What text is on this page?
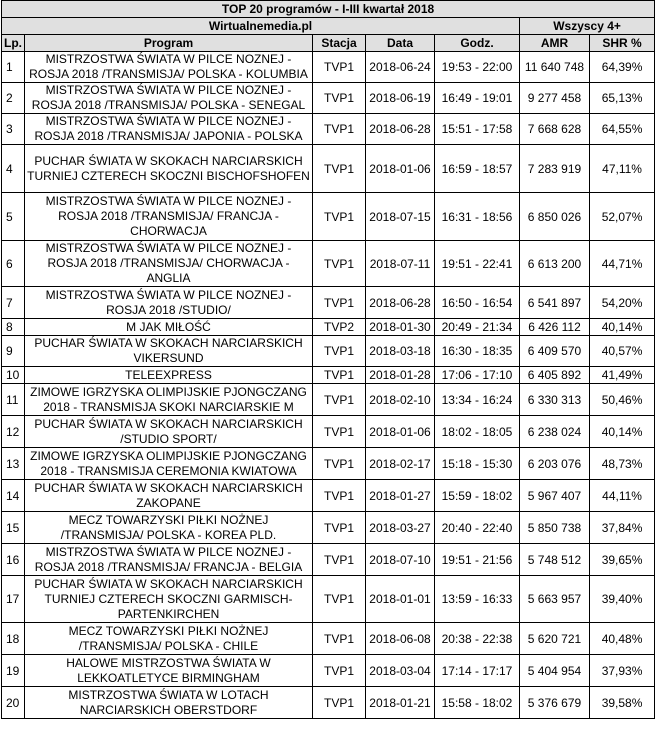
TOP 20 programów - I-III kwartał 2018						
Wirtualnemedia.pl					Wszyscy 4+	
Lp.	Program	Stacja	Data	Godz.	AMR	SHR %
1	MISTRZOSTWA ŚWIATA W PILCE NOZNEJ - ROSJA 2018 /TRANSMISJA/ POLSKA - KOLUMBIA	TVP1	2018-06-24	19:53 - 22:00	11 640 748	64,39%
2	MISTRZOSTWA ŚWIATA W PILCE NOZNEJ - ROSJA 2018 /TRANSMISJA/ POLSKA - SENEGAL	TVP1	2018-06-19	16:49 - 19:01	9 277 458	65,13%
3	MISTRZOSTWA ŚWIATA W PILCE NOZNEJ - ROSJA 2018 /TRANSMISJA/ JAPONIA - POLSKA	TVP1	2018-06-28	15:51 - 17:58	7 668 628	64,55%
4	PUCHAR ŚWIATA W SKOKACH NARCIARSKICH TURNIEJ CZTERECH SKOCZNI BISCHOFSHOFEN	TVP1	2018-01-06	16:59 - 18:57	7 283 919	47,11%
5	MISTRZOSTWA ŚWIATA W PILCE NOZNEJ - ROSJA 2018 /TRANSMISJA/ FRANCJA - CHORWACJA	TVP1	2018-07-15	16:31 - 18:56	6 850 026	52,07%
6	MISTRZOSTWA ŚWIATA W PILCE NOZNEJ - ROSJA 2018 /TRANSMISJA/ CHORWACJA - ANGLIA	TVP1	2018-07-11	19:51 - 22:41	6 613 200	44,71%
7	MISTRZOSTWA ŚWIATA W PILCE NOZNEJ - ROSJA 2018 /STUDIO/	TVP1	2018-06-28	16:50 - 16:54	6 541 897	54,20%
8	M JAK MIŁOŚĆ	TVP2	2018-01-30	20:49 - 21:34	6 426 112	40,14%
9	PUCHAR ŚWIATA W SKOKACH NARCIARSKICH VIKERSUND	TVP1	2018-03-18	16:30 - 18:35	6 409 570	40,57%
10	TELEEXPRESS	TVP1	2018-01-28	17:06 - 17:10	6 405 892	41,49%
11	ZIMOWE IGRZYSKA OLIMPIJSKIE PJONGCZANG 2018 - TRANSMISJA SKOKI NARCIARSKIE M	TVP1	2018-02-10	13:34 - 16:24	6 330 313	50,46%
12	PUCHAR ŚWIATA W SKOKACH NARCIARSKICH /STUDIO SPORT/	TVP1	2018-01-06	18:02 - 18:05	6 238 024	40,14%
13	ZIMOWE IGRZYSKA OLIMPIJSKIE PJONGCZANG 2018 - TRANSMISJA CEREMONIA KWIATOWA	TVP1	2018-02-17	15:18 - 15:30	6 203 076	48,73%
14	PUCHAR ŚWIATA W SKOKACH NARCIARSKICH ZAKOPANE	TVP1	2018-01-27	15:59 - 18:02	5 967 407	44,11%
15	MECZ TOWARZYSKI PIŁKI NOŻNEJ /TRANSMISJA/ POLSKA - KOREA PLD.	TVP1	2018-03-27	20:40 - 22:40	5 850 738	37,84%
16	MISTRZOSTWA ŚWIATA W PILCE NOZNEJ - ROSJA 2018 /TRANSMISJA/ FRANCJA - BELGIA	TVP1	2018-07-10	19:51 - 21:56	5 748 512	39,65%
17	PUCHAR ŚWIATA W SKOKACH NARCIARSKICH TURNIEJ CZTERECH SKOCZNI GARMISCH-PARTENKIRCHEN	TVP1	2018-01-01	13:59 - 16:33	5 663 957	39,40%
18	MECZ TOWARZYSKI PIŁKI NOŻNEJ /TRANSMISJA/ POLSKA - CHILE	TVP1	2018-06-08	20:38 - 22:38	5 620 721	40,48%
19	HALOWE MISTRZOSTWA ŚWIATA W LEKKOATLETYCE BIRMINGHAM	TVP1	2018-03-04	17:14 - 17:17	5 404 954	37,93%
20	MISTRZOSTWA ŚWIATA W LOTACH NARCIARSKICH OBERSTDORF	TVP1	2018-01-21	15:58 - 18:02	5 376 679	39,58%
